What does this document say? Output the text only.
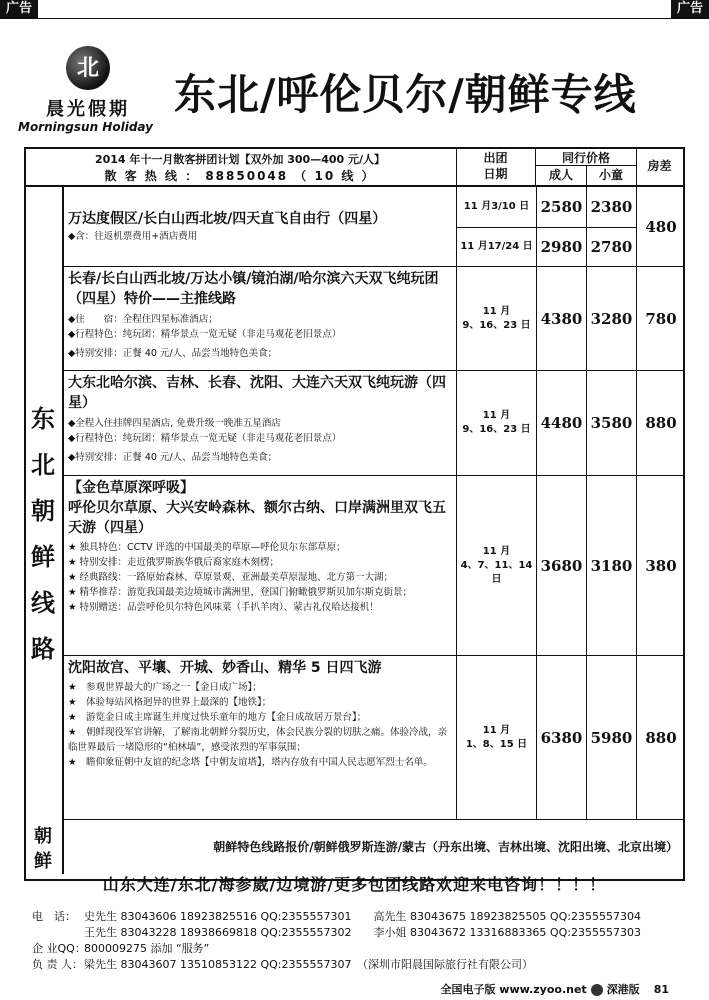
广告	广告
北
晨光假期
Morningsun Holiday
东北/呼伦贝尔/朝鲜专线
2014 年十一月散客拼团计划【双外加 300—400 元/人】
散 客 热 线 ： 88850048 （ 10 线 ）
出团
日期
同行价格
成人	小童
房差
东
北
朝
鲜
线
路
万达度假区/长白山西北坡/四天直飞自由行（四星）
◆含：往返机票费用+酒店费用
11 月3/10 日 2580 2380
11 月17/24 日 2980 2780
480
长春/长白山西北坡/万达小镇/镜泊湖/哈尔滨六天双飞纯玩团（四星）特价——主推线路
◆住　　宿：全程住四星标准酒店；
◆行程特色：纯玩团：精华景点一览无疑（非走马观花老旧景点）
◆特别安排：正餐 40 元/人、品尝当地特色美食；
11 月
9、16、23 日 4380 3280 780
大东北哈尔滨、吉林、长春、沈阳、大连六天双飞纯玩游（四星）
◆全程入住挂牌四星酒店, 免费升级一晚准五星酒店
◆行程特色：纯玩团：精华景点一览无疑（非走马观花老旧景点）
◆特别安排：正餐 40 元/人、品尝当地特色美食；
11 月
9、16、23 日 4480 3580 880
【金色草原深呼吸】
呼伦贝尔草原、大兴安岭森林、额尔古纳、口岸满洲里双飞五天游（四星）
★ 独具特色：CCTV 评选的中国最美的草原—呼伦贝尔东部草原；
★ 特别安排：走近俄罗斯族华俄后裔家庭木刻楞；
★ 经典路线：一路原始森林、草原景观、亚洲最美草原湿地、北方第一大湖；
★ 精华推荐：游览我国最美边境城市满洲里，登国门俯瞰俄罗斯贝加尔斯克街景；
★ 特别赠送：品尝呼伦贝尔特色风味菜（手扒羊肉）、蒙古礼仪哈达接机！
11 月
4、7、11、14 日
3680 3180 380
沈阳故宫、平壤、开城、妙香山、精华 5 日四飞游
★　参观世界最大的广场之一【金日成广场】；
★　体验每站风格迥异的世界上最深的【地铁】；
★　游览金日成主席诞生并度过快乐童年的地方【金日成故居万景台】；
★　朝鲜现役军官讲解，了解南北朝鲜分裂历史，体会民族分裂的切肤之痛。体验冷战，亲临世界最后一堵隐形的“柏林墙”，感受浓烈的军事氛围；
★　瞻仰象征朝中友谊的纪念塔【中朝友谊塔】，塔内存放有中国人民志愿军烈士名单。
11 月
1、8、15 日 6380 5980 880
朝
鲜
朝鲜特色线路报价/朝鲜俄罗斯连游/蒙古（丹东出境、吉林出境、沈阳出境、北京出境）
山东大连/东北/海参崴/边境游/更多包团线路欢迎来电咨询！！！！
电　话： 史先生 83043606 18923825516 QQ:2355557301　　高先生 83043675 18923825505 QQ:2355557304
王先生 83043228 18938669818 QQ:2355557302　　李小姐 83043672 13316883365 QQ:2355557303
企 业QQ：800009275 添加 “服务”
负 责 人：梁先生 83043607 13510853122 QQ:2355557307　（深圳市阳晨国际旅行社有限公司）
全国电子版 www.zyoo.net 深港版 81
